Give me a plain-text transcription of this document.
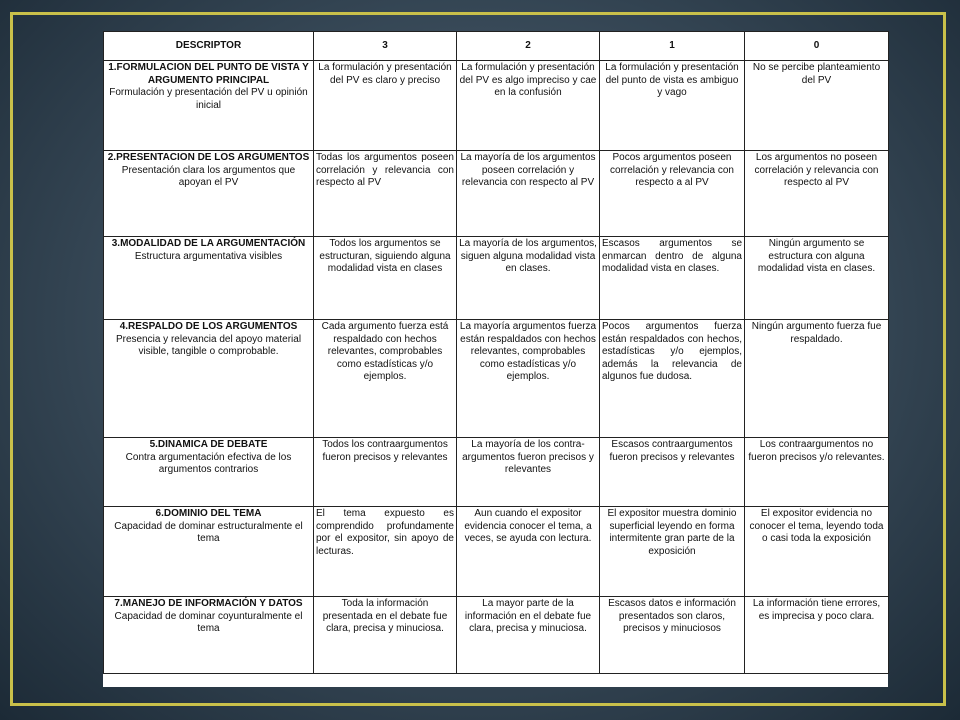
DESCRIPTOR	3	2	1	0

1.FORMULACION DEL PUNTO DE VISTA Y ARGUMENTO PRINCIPAL
Formulación y presentación del PV u opinión inicial	La formulación y presentación del PV es claro y preciso	La formulación y presentación del PV es algo impreciso y cae en la confusión	La formulación y presentación del punto de vista es ambiguo y vago	No se percibe planteamiento del PV

2.PRESENTACION DE LOS ARGUMENTOS
Presentación clara los argumentos que apoyan el PV	Todas los argumentos poseen correlación y relevancia con respecto al PV	La mayoría de los argumentos poseen correlación y relevancia con respecto al PV	Pocos argumentos poseen correlación y relevancia con respecto a al PV	Los argumentos no poseen correlación y relevancia con respecto al PV

3.MODALIDAD DE LA ARGUMENTACIÓN
Estructura argumentativa visibles	Todos los argumentos se estructuran, siguiendo alguna modalidad vista en clases	La mayoría de los argumentos, siguen alguna modalidad vista en clases.	Escasos argumentos se enmarcan dentro de alguna modalidad vista en clases.	Ningún argumento se estructura con alguna modalidad vista en clases.

4.RESPALDO DE LOS ARGUMENTOS
Presencia y relevancia del apoyo material visible, tangible o comprobable.	Cada argumento fuerza está respaldado con hechos relevantes, comprobables como estadísticas y/o ejemplos.	La mayoría argumentos fuerza están respaldados con hechos relevantes, comprobables como estadísticas y/o ejemplos.	Pocos argumentos fuerza están respaldados con hechos, estadísticas y/o ejemplos, además la relevancia de algunos fue dudosa.	Ningún argumento fuerza fue respaldado.

5.DINAMICA DE DEBATE
Contra argumentación efectiva de los argumentos contrarios	Todos los contraargumentos fueron precisos y relevantes	La mayoría de los contra-argumentos fueron precisos y relevantes	Escasos contraargumentos fueron precisos y relevantes	Los contraargumentos no fueron precisos y/o relevantes.

6.DOMINIO DEL TEMA
Capacidad de dominar estructuralmente el tema	El tema expuesto es comprendido profundamente por el expositor, sin apoyo de lecturas.	Aun cuando el expositor evidencia conocer el tema, a veces, se ayuda con lectura.	El expositor muestra dominio superficial leyendo en forma intermitente gran parte de la exposición	El expositor evidencia no conocer el tema, leyendo toda o casi toda la exposición

7.MANEJO DE INFORMACIÓN Y DATOS
Capacidad de dominar coyunturalmente el tema	Toda la información presentada en el debate fue clara, precisa y minuciosa.	La mayor parte de la información en el debate fue clara, precisa y minuciosa.	Escasos datos e información presentados son claros, precisos y minuciosos	La información tiene errores, es imprecisa y poco clara.
